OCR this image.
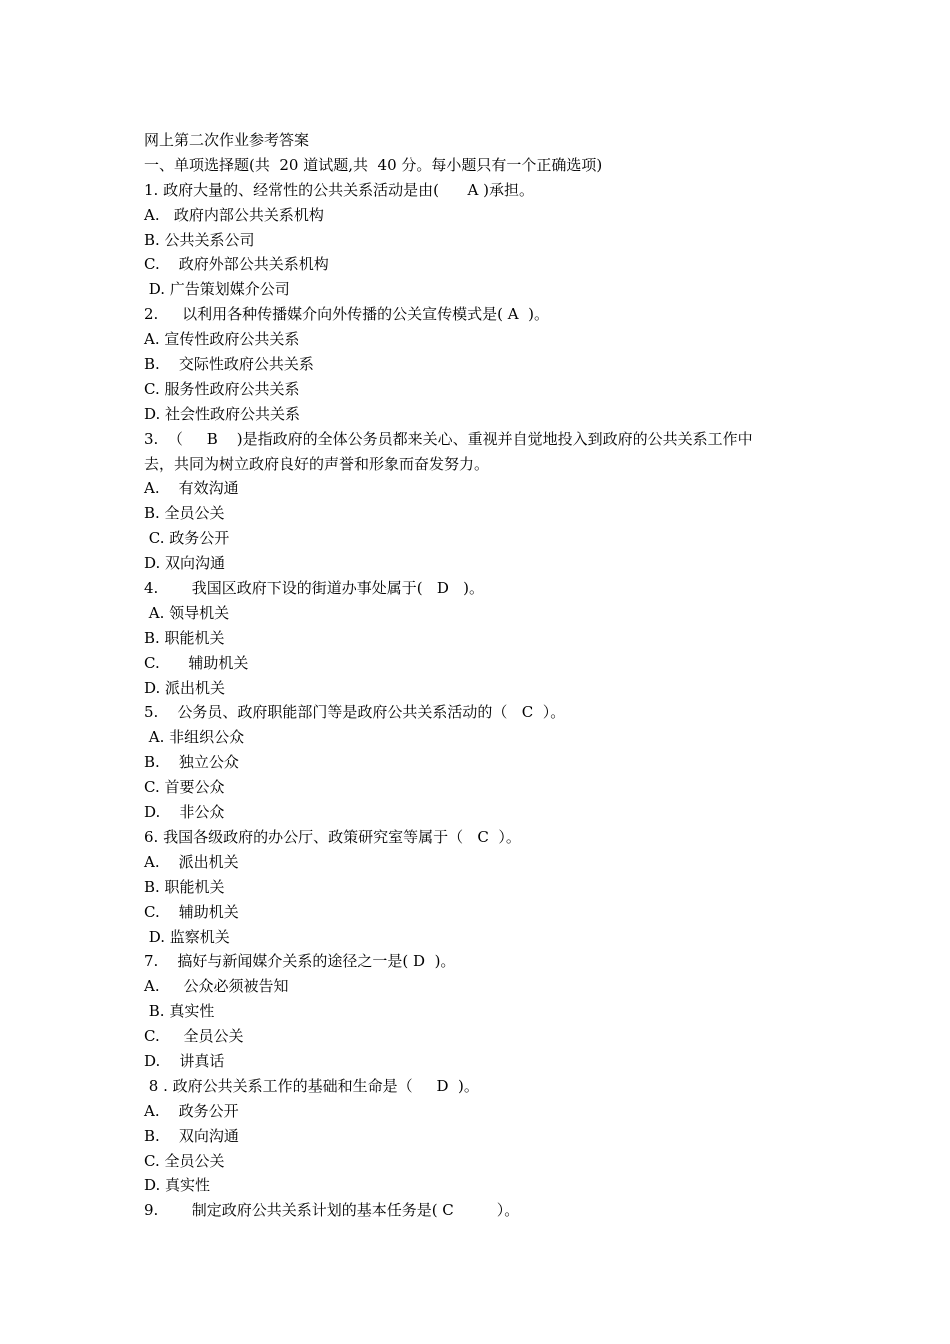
网上第二次作业参考答案
一、单项选择题(共  20 道试题,共  40 分。每小题只有一个正确选项)
1. 政府大量的、经常性的公共关系活动是由(      A )承担。
A.   政府内部公共关系机构
B. 公共关系公司
C.    政府外部公共关系机构
D. 广告策划媒介公司
2.     以利用各种传播媒介向外传播的公关宣传模式是( A  )。
A. 宣传性政府公共关系
B.    交际性政府公共关系
C. 服务性政府公共关系
D. 社会性政府公共关系
3.  （     B    )是指政府的全体公务员都来关心、重视并自觉地投入到政府的公共关系工作中
去，共同为树立政府良好的声誉和形象而奋发努力。
A.    有效沟通
B. 全员公关
C. 政务公开
D. 双向沟通
4.       我国区政府下设的街道办事处属于(   D   )。
A. 领导机关
B. 职能机关
C.      辅助机关
D. 派出机关
5.    公务员、政府职能部门等是政府公共关系活动的（   C  ）。
A. 非组织公众
B.    独立公众
C. 首要公众
D.    非公众
6. 我国各级政府的办公厅、政策研究室等属于（   C  ）。
A.    派出机关
B. 职能机关
C.    辅助机关
D. 监察机关
7.    搞好与新闻媒介关系的途径之一是( D  )。
A.     公众必须被告知
B. 真实性
C.     全员公关
D.    讲真话
8 . 政府公共关系工作的基础和生命是（     D  )。
A.    政务公开
B.    双向沟通
C. 全员公关
D. 真实性
9.       制定政府公共关系计划的基本任务是( C         ）。
